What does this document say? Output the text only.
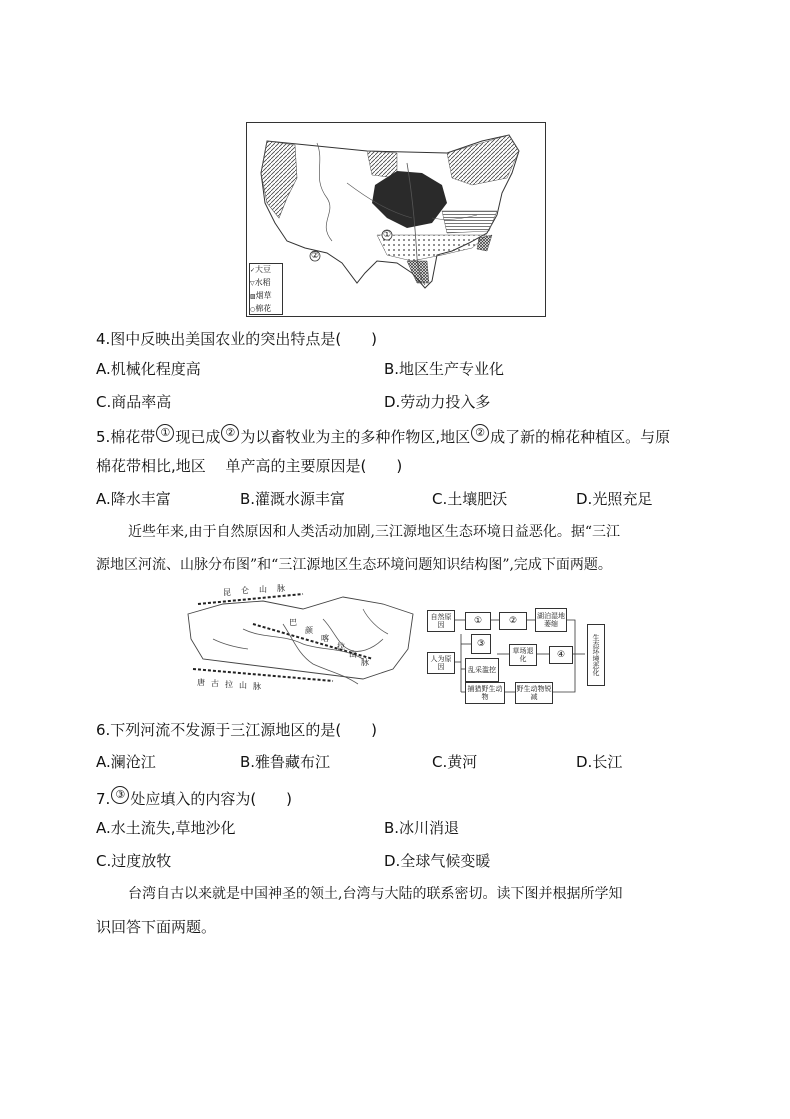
②
①
✓大豆
▽水稻
▨烟草
○棉花
4.图中反映出美国农业的突出特点是(　　)
A.机械化程度高	B.地区生产专业化
C.商品率高	D.劳动力投入多
5.棉花带 ① 现已成 ② 为以畜牧业为主的多种作物区,地区 ② 成了新的棉花种植区。与原
棉花带相比,地区　 单产高的主要原因是(　　)
A.降水丰富	B.灌溉水源丰富	C.土壤肥沃	D.光照充足
近些年来,由于自然原因和人类活动加剧,三江源地区生态环境日益恶化。据“三江
源地区河流、山脉分布图”和“三江源地区生态环境问题知识结构图”,完成下面两题。
昆 仑 山 脉
巴
颜
喀
拉
山
脉
唐 古 拉 山 脉
自然原因	①	②	湖泊湿地萎缩
人为原因
③
乱采滥挖
草场退化	④
捕猎野生动物
野生动物锐减
生态环境恶化
6.下列河流不发源于三江源地区的是(　　)
A.澜沧江	B.雅鲁藏布江	C.黄河	D.长江
7. ③ 处应填入的内容为(　　)
A.水土流失,草地沙化	B.冰川消退
C.过度放牧	D.全球气候变暖
台湾自古以来就是中国神圣的领土,台湾与大陆的联系密切。读下图并根据所学知
识回答下面两题。
